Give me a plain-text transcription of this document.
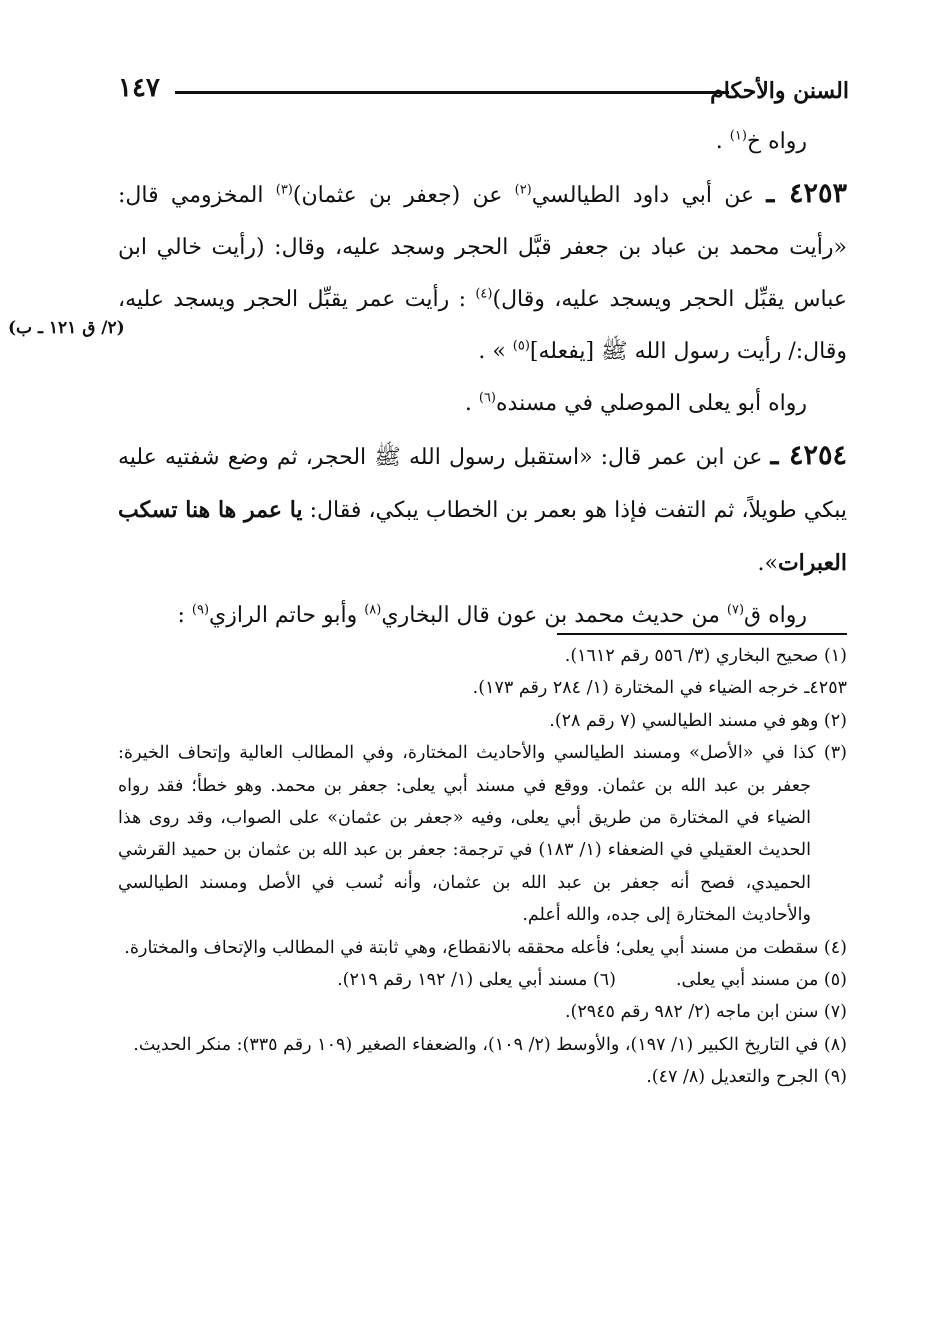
السنن والأحكام
١٤٧
(٢/ ق ١٢١ ـ ب)

رواه خ$^{(١)}$ .

٤٢٥٣ ـ عن أبي داود الطيالسي$^{(٢)}$ عن (جعفر بن عثمان)$^{(٣)}$ المخزومي قال: «رأيت محمد بن عباد بن جعفر قبَّل الحجر وسجد عليه، وقال: (رأيت خالي ابن عباس يقبِّل الحجر ويسجد عليه، وقال)$^{(٤)}$ : رأيت عمر يقبِّل الحجر ويسجد عليه، وقال:/ رأيت رسول الله ﷺ [يفعله]$^{(٥)}$ » .

رواه أبو يعلى الموصلي في مسنده$^{(٦)}$ .

٤٢٥٤ ـ عن ابن عمر قال: «استقبل رسول الله ﷺ الحجر، ثم وضع شفتيه عليه يبكي طويلاً، ثم التفت فإذا هو بعمر بن الخطاب يبكي، فقال: يا عمر ها هنا تسكب العبرات».

رواه ق$^{(٧)}$ من حديث محمد بن عون قال البخاري$^{(٨)}$ وأبو حاتم الرازي$^{(٩)}$ :

(١) صحيح البخاري (٣/ ٥٥٦ رقم ١٦١٢).

٤٢٥٣ـ خرجه الضياء في المختارة (١/ ٢٨٤ رقم ١٧٣).

(٢) وهو في مسند الطيالسي (٧ رقم ٢٨).

(٣) كذا في «الأصل» ومسند الطيالسي والأحاديث المختارة، وفي المطالب العالية وإتحاف الخيرة: جعفر بن عبد الله بن عثمان. ووقع في مسند أبي يعلى: جعفر بن محمد. وهو خطأ؛ فقد رواه الضياء في المختارة من طريق أبي يعلى، وفيه «جعفر بن عثمان» على الصواب، وقد روى هذا الحديث العقيلي في الضعفاء (١/ ١٨٣) في ترجمة: جعفر بن عبد الله بن عثمان بن حميد القرشي الحميدي، فصح أنه جعفر بن عبد الله بن عثمان، وأنه نُسب في الأصل ومسند الطيالسي والأحاديث المختارة إلى جده، والله أعلم.

(٤) سقطت من مسند أبي يعلى؛ فأعله محققه بالانقطاع، وهي ثابتة في المطالب والإتحاف والمختارة.

(٥) من مسند أبي يعلى.
(٦) مسند أبي يعلى (١/ ١٩٢ رقم ٢١٩).

(٧) سنن ابن ماجه (٢/ ٩٨٢ رقم ٢٩٤٥).

(٨) في التاريخ الكبير (١/ ١٩٧)، والأوسط (٢/ ١٠٩)، والضعفاء الصغير (١٠٩ رقم ٣٣٥): منكر الحديث.

(٩) الجرح والتعديل (٨/ ٤٧).
